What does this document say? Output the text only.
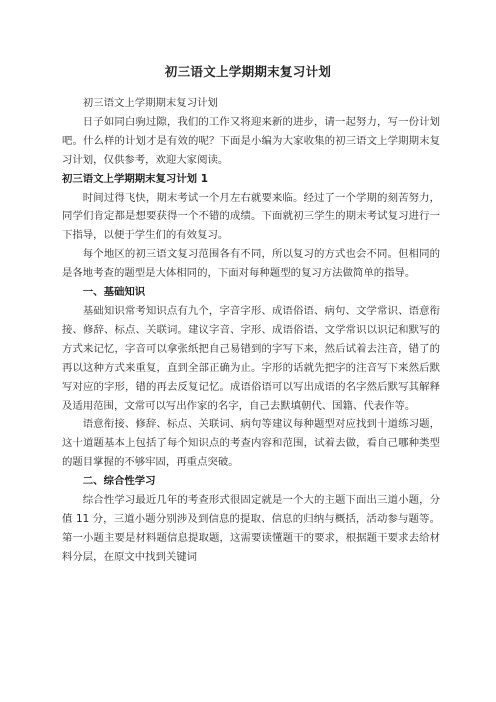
初三语文上学期期末复习计划

初三语文上学期期末复习计划

日子如同白驹过隙，我们的工作又将迎来新的进步，请一起努力，写一份计划吧。什么样的计划才是有效的呢？下面是小编为大家收集的初三语文上学期期末复习计划，仅供参考，欢迎大家阅读。

初三语文上学期期末复习计划 1

时间过得飞快，期末考试一个月左右就要来临。经过了一个学期的刻苦努力，同学们肯定都是想要获得一个不错的成绩。下面就初三学生的期末考试复习进行一下指导，以便于学生们的有效复习。

每个地区的初三语文复习范围各有不同，所以复习的方式也会不同。但相同的是各地考查的题型是大体相同的，下面对每种题型的复习方法做简单的指导。

一、基础知识

基础知识常考知识点有九个，字音字形、成语俗语、病句、文学常识、语意衔接、修辞、标点、关联词。建议字音、字形、成语俗语、文学常识以识记和默写的方式来记忆，字音可以拿张纸把自己易错到的字写下来，然后试着去注音，错了的再以这种方式来重复，直到全部正确为止。字形的话就先把字的注音写下来然后默写对应的字形，错的再去反复记忆。成语俗语可以写出成语的名字然后默写其解释及适用范围，文常可以写出作家的名字，自己去默填朝代、国籍、代表作等。

语意衔接、修辞、标点、关联词、病句等建议每种题型对应找到十道练习题，这十道题基本上包括了每个知识点的考查内容和范围，试着去做，看自己哪种类型的题目掌握的不够牢固，再重点突破。

二、综合性学习

综合性学习最近几年的考查形式很固定就是一个大的主题下面出三道小题，分值 11 分，三道小题分别涉及到信息的提取、信息的归纳与概括，活动参与题等。第一小题主要是材料题信息提取题，这需要读懂题干的要求，根据题干要求去给材料分层，在原文中找到关键词
